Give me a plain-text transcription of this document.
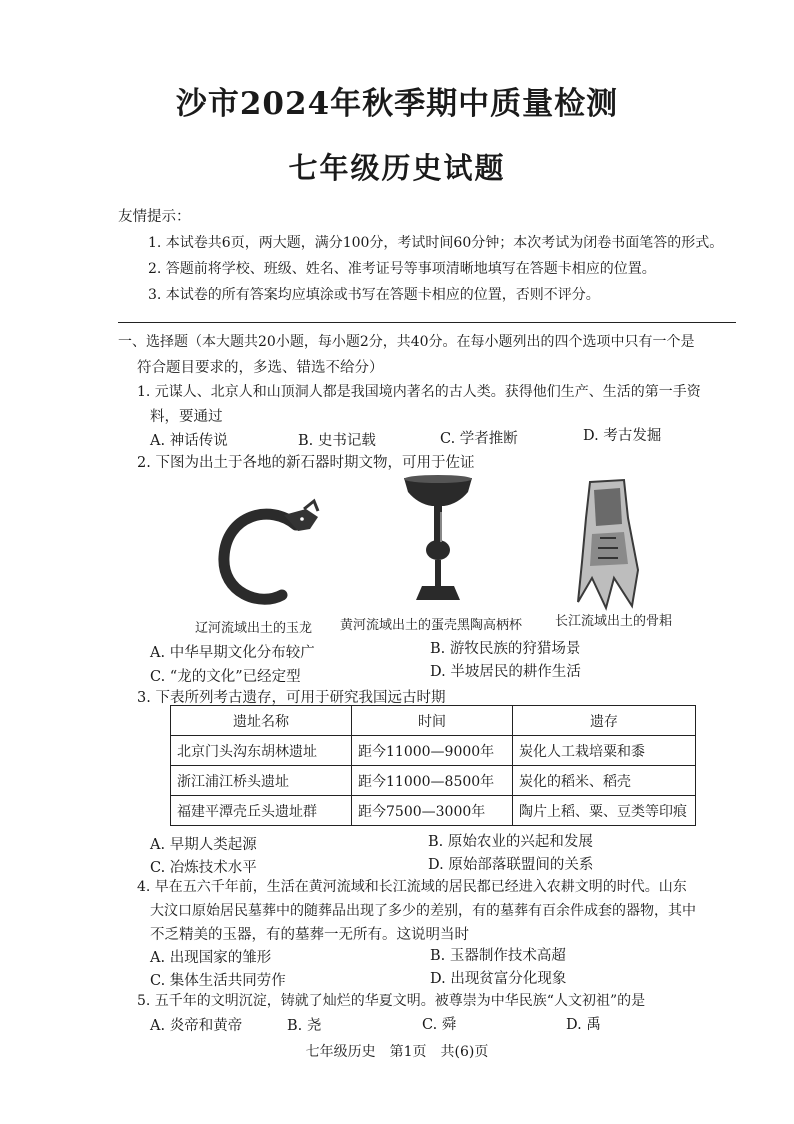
沙市2024年秋季期中质量检测
七年级历史试题
友情提示：
1. 本试卷共6页，两大题，满分100分，考试时间60分钟；本次考试为闭卷书面笔答的形式。
2. 答题前将学校、班级、姓名、准考证号等事项清晰地填写在答题卡相应的位置。
3. 本试卷的所有答案均应填涂或书写在答题卡相应的位置，否则不评分。
一、选择题（本大题共20小题，每小题2分，共40分。在每小题列出的四个选项中只有一个是
符合题目要求的，多选、错选不给分）
1. 元谋人、北京人和山顶洞人都是我国境内著名的古人类。获得他们生产、生活的第一手资
料，要通过
A. 神话传说	B. 史书记载	C. 学者推断	D. 考古发掘
2. 下图为出土于各地的新石器时期文物，可用于佐证
辽河流域出土的玉龙 黄河流域出土的蛋壳黑陶高柄杯	长江流域出土的骨耜
A. 中华早期文化分布较广	B. 游牧民族的狩猎场景
C. “龙的文化”已经定型	D. 半坡居民的耕作生活
3. 下表所列考古遗存，可用于研究我国远古时期
遗址名称	时间	遗存
北京门头沟东胡林遗址	距今11000—9000年	炭化人工栽培粟和黍
浙江浦江桥头遗址	距今11000—8500年	炭化的稻米、稻壳
福建平潭壳丘头遗址群	距今7500—3000年	陶片上稻、粟、豆类等印痕
A. 早期人类起源	B. 原始农业的兴起和发展
C. 冶炼技术水平	D. 原始部落联盟间的关系
4. 早在五六千年前，生活在黄河流域和长江流域的居民都已经进入农耕文明的时代。山东
大汶口原始居民墓葬中的随葬品出现了多少的差别，有的墓葬有百余件成套的器物，其中
不乏精美的玉器，有的墓葬一无所有。这说明当时
A. 出现国家的雏形	B. 玉器制作技术高超
C. 集体生活共同劳作	D. 出现贫富分化现象
5. 五千年的文明沉淀，铸就了灿烂的华夏文明。被尊崇为中华民族“人文初祖”的是
A. 炎帝和黄帝	B. 尧	C. 舜	D. 禹
七年级历史　第1页　共(6)页
